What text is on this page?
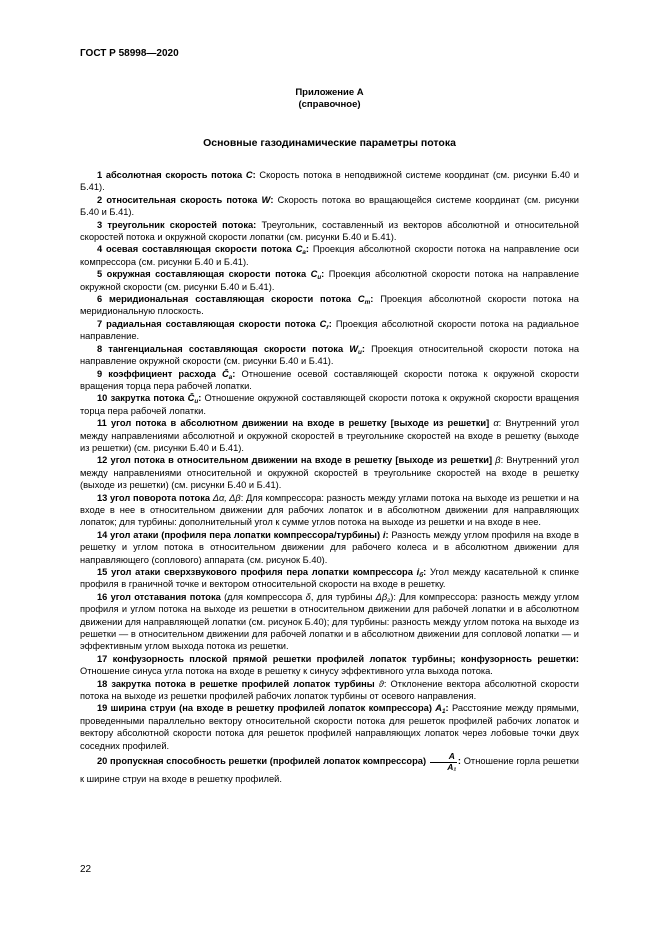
ГОСТ Р 58998—2020
Приложение А
(справочное)
Основные газодинамические параметры потока

1 абсолютная скорость потока C: Скорость потока в неподвижной системе координат (см. рисунки Б.40 и Б.41).

2 относительная скорость потока W: Скорость потока во вращающейся системе координат (см. рисунки Б.40 и Б.41).

3 треугольник скоростей потока: Треугольник, составленный из векторов абсолютной и относительной скоростей потока и окружной скорости лопатки (см. рисунки Б.40 и Б.41).

4 осевая составляющая скорости потока $C_a$: Проекция абсолютной скорости потока на направление оси компрессора (см. рисунки Б.40 и Б.41).

5 окружная составляющая скорости потока $C_u$: Проекция абсолютной скорости потока на направление окружной скорости (см. рисунки Б.40 и Б.41).

6 меридиональная составляющая скорости потока $C_m$: Проекция абсолютной скорости потока на меридиональную плоскость.

7 радиальная составляющая скорости потока $C_r$: Проекция абсолютной скорости потока на радиальное направление.

8 тангенциальная составляющая скорости потока $W_u$: Проекция относительной скорости потока на направление окружной скорости (см. рисунки Б.40 и Б.41).

9 коэффициент расхода $C̄_a$: Отношение осевой составляющей скорости потока к окружной скорости вращения торца пера рабочей лопатки.

10 закрутка потока $C̄_u$: Отношение окружной составляющей скорости потока к окружной скорости вращения торца пера рабочей лопатки.

11 угол потока в абсолютном движении на входе в решетку [выходе из решетки] α: Внутренний угол между направлениями абсолютной и окружной скоростей в треугольнике скоростей на входе в решетку (выходе из решетки) (см. рисунки Б.40 и Б.41).

12 угол потока в относительном движении на входе в решетку [выходе из решетки] β: Внутренний угол между направлениями относительной и окружной скоростей в треугольнике скоростей на входе в решетку (выходе из решетки) (см. рисунки Б.40 и Б.41).

13 угол поворота потока Δα, Δβ: Для компрессора: разность между углами потока на выходе из решетки и на входе в нее в относительном движении для рабочих лопаток и в абсолютном движении для направляющих лопаток; для турбины: дополнительный угол к сумме углов потока на выходе из решетки и на входе в нее.

14 угол атаки (профиля пера лопатки компрессора/турбины) i: Разность между углом профиля на входе в решетку и углом потока в относительном движении для рабочего колеса и в абсолютном движении для направляющего (соплового) аппарата (см. рисунок Б.40).

15 угол атаки сверхзвукового профиля пера лопатки компрессора $i_б$: Угол между касательной к спинке профиля в граничной точке и вектором относительной скорости на входе в решетку.

16 угол отставания потока (для компрессора δ, для турбины $\Delta\beta_г$): Для компрессора: разность между углом профиля и углом потока на выходе из решетки в относительном движении для рабочей лопатки и в абсолютном движении для направляющей лопатки (см. рисунок Б.40); для турбины: разность между углом потока на выходе из решетки — в относительном движении для рабочей лопатки и в абсолютном движении для сопловой лопатки — и эффективным углом выхода потока из решетки.

17 конфузорность плоской прямой решетки профилей лопаток турбины; конфузорность решетки: Отношение синуса угла потока на входе в решетку к синусу эффективного угла выхода потока.

18 закрутка потока в решетке профилей лопаток турбины ϑ: Отклонение вектора абсолютной скорости потока на выходе из решетки профилей рабочих лопаток турбины от осевого направления.

19 ширина струи (на входе в решетку профилей лопаток компрессора) $A_1$: Расстояние между прямыми, проведенными параллельно вектору относительной скорости потока для решеток профилей рабочих лопаток и вектору абсолютной скорости потока для решеток профилей направляющих лопаток через лобовые точки двух соседних профилей.

20 пропускная способность решетки (профилей лопаток компрессора) $\frac{A}{\text{A₁}}$ : Отношение горла решетки к ширине струи на входе в решетку профилей.

22
